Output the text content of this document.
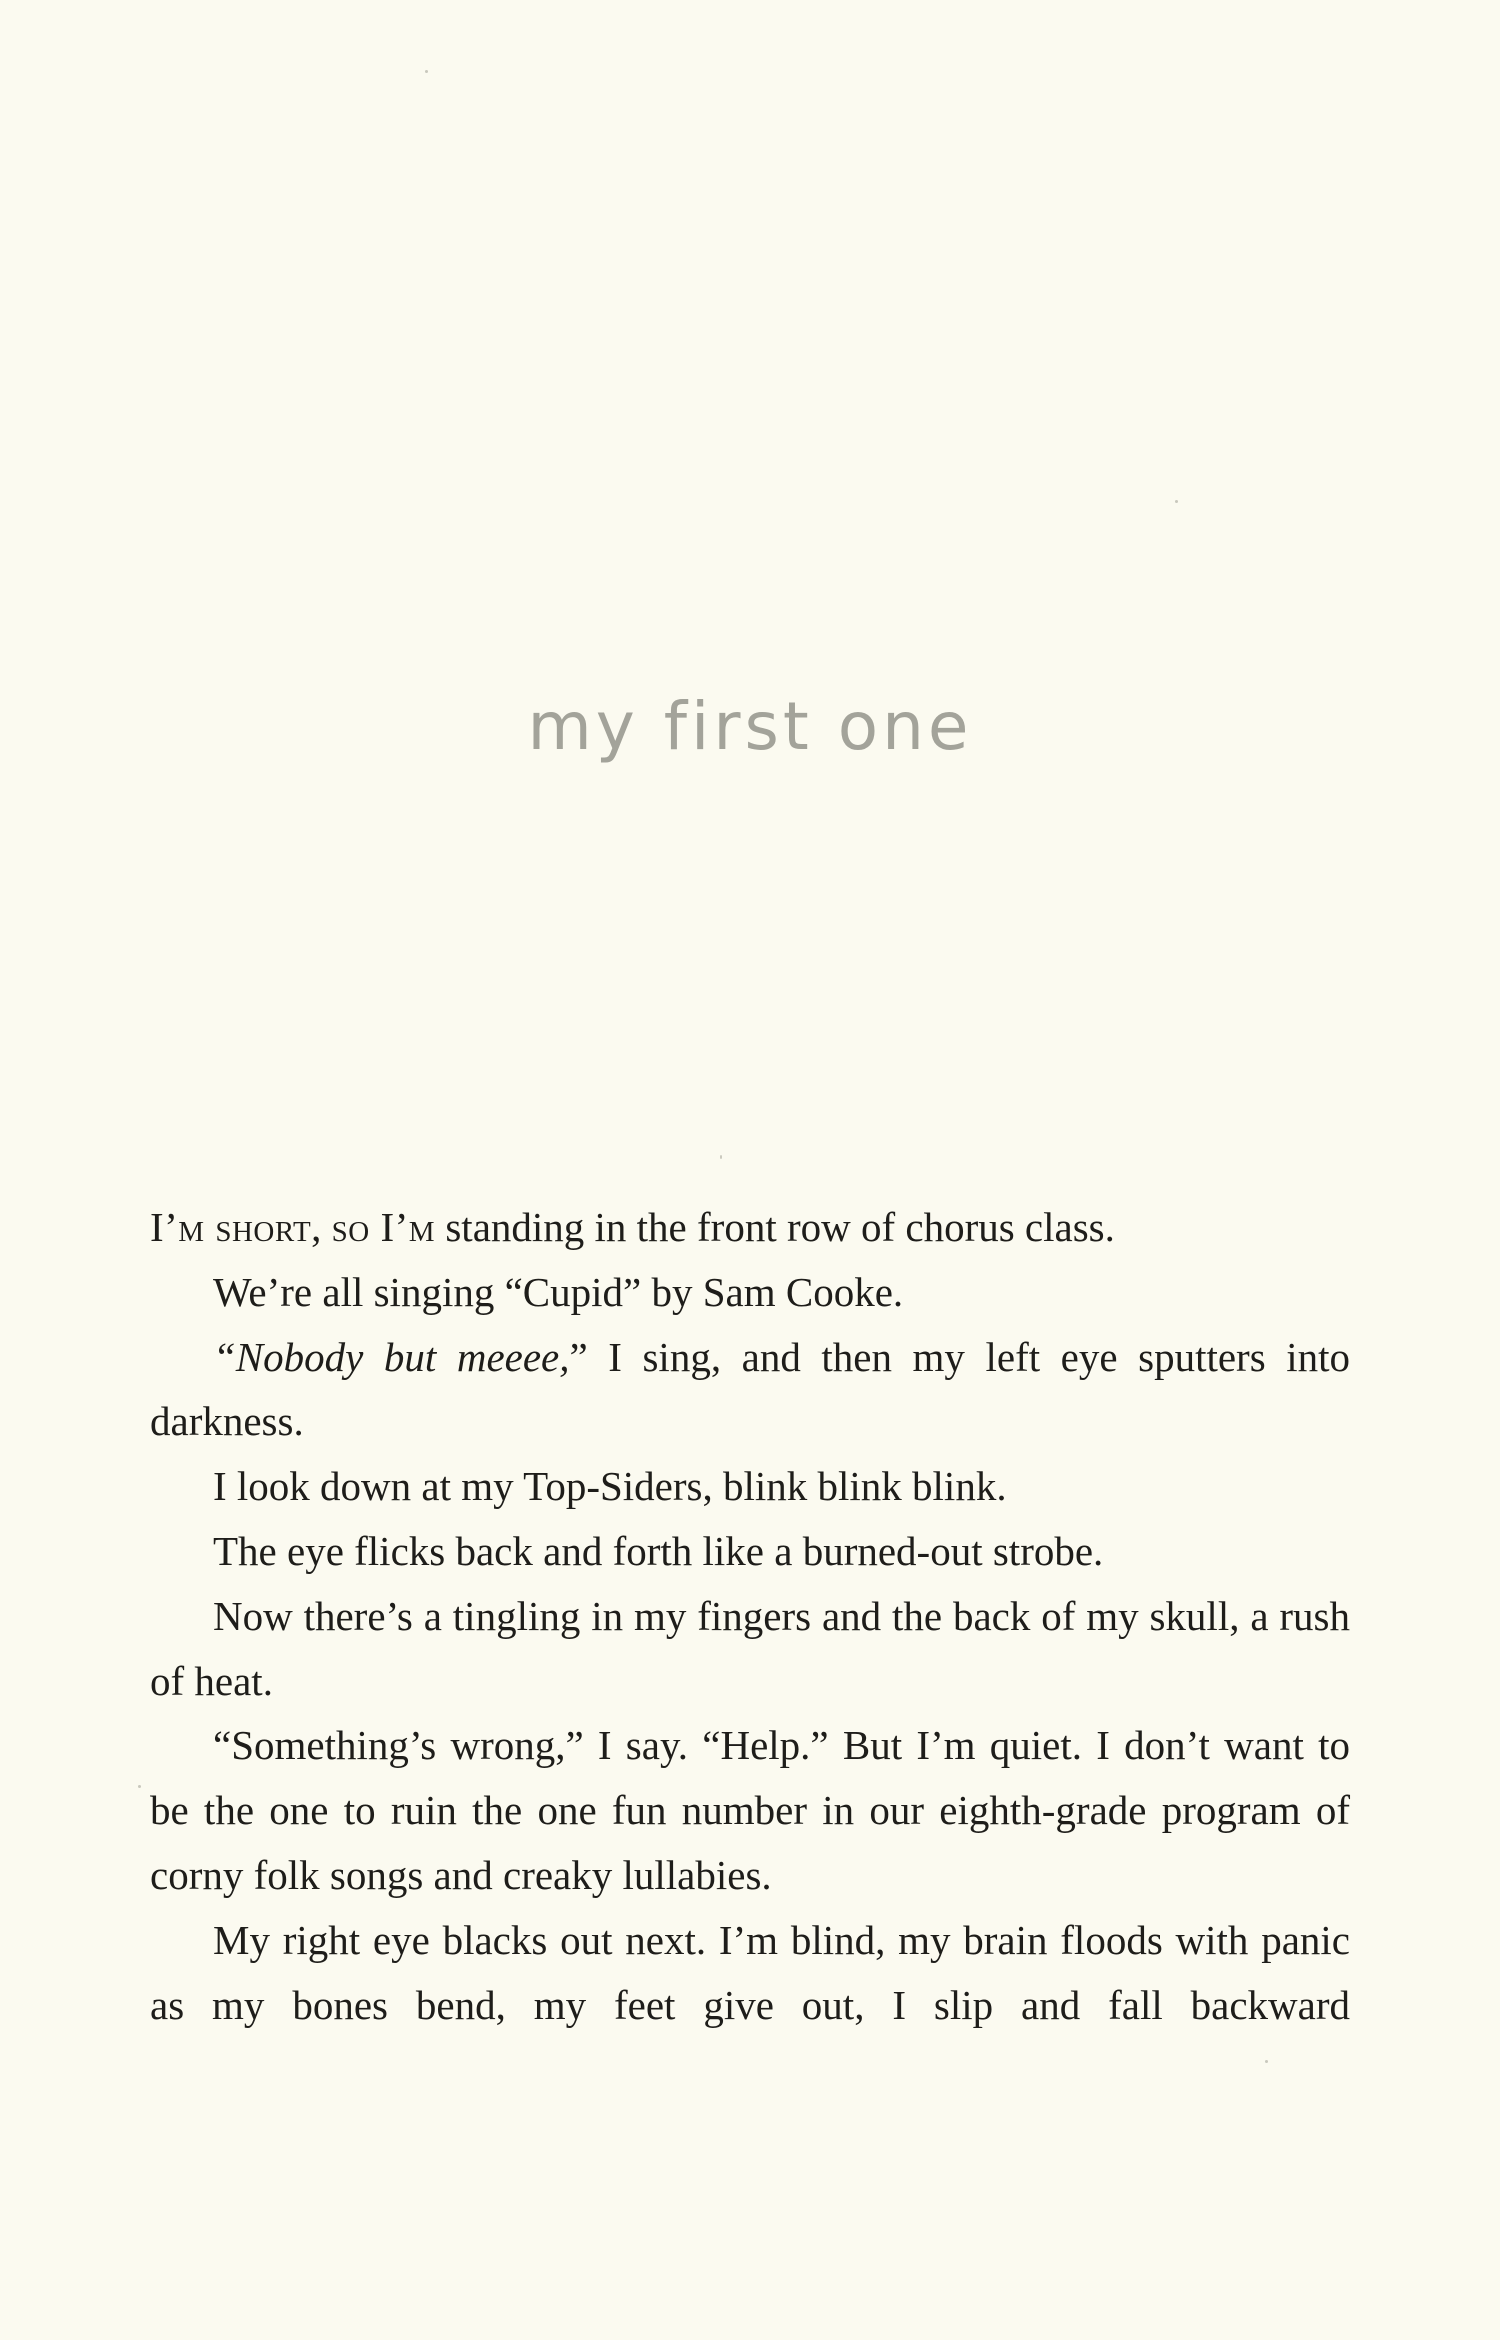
my first one

I’m short, so I’m standing in the front row of chorus class.

We’re all singing “Cupid” by Sam Cooke.

“Nobody but meeee,” I sing, and then my left eye sputters into darkness.

I look down at my Top-Siders, blink blink blink.

The eye flicks back and forth like a burned-out strobe.

Now there’s a tingling in my fingers and the back of my skull, a rush of heat.

“Something’s wrong,” I say. “Help.” But I’m quiet. I don’t want to be the one to ruin the one fun number in our eighth-grade program of corny folk songs and creaky lullabies.

My right eye blacks out next. I’m blind, my brain floods with panic as my bones bend, my feet give out, I slip and fall backward
